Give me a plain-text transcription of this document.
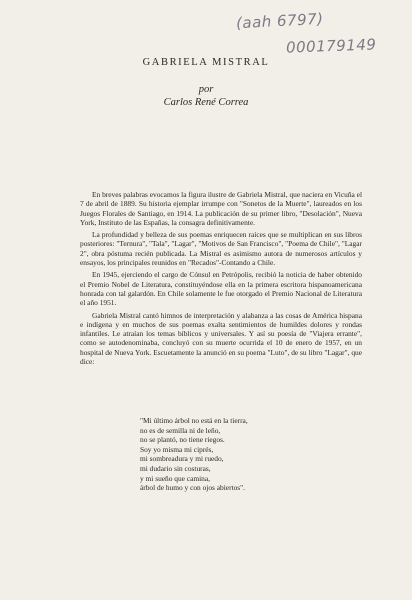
(aah 6797)
000179149
GABRIELA MISTRAL
por
Carlos René Correa

En breves palabras evocamos la figura ilustre de Gabriela Mistral, que naciera en Vicuña el 7 de abril de 1889. Su historia ejemplar irrumpe con "Sonetos de la Muerte", laureados en los Juegos Florales de Santiago, en 1914. La publicación de su primer libro, "Desolación", Nueva York, Instituto de las Españas, la consagra definitivamente.

La profundidad y belleza de sus poemas enriquecen raíces que se multiplican en sus libros posteriores: "Ternura", "Tala", "Lagar", "Motivos de San Francisco", "Poema de Chile", "Lagar 2", obra póstuma recién publicada. La Mistral es asimismo autora de numerosos artículos y ensayos, los principales reunidos en "Recados"-Contando a Chile.

En 1945, ejerciendo el cargo de Cónsul en Petrópolis, recibió la noticia de haber obtenido el Premio Nobel de Literatura, constituyéndose ella en la primera escritora hispanoamericana honrada con tal galardón. En Chile solamente le fue otorgado el Premio Nacional de Literatura el año 1951.

Gabriela Mistral cantó himnos de interpretación y alabanza a las cosas de América hispana e indígena y en muchos de sus poemas exalta sentimientos de humildes dolores y rondas infantiles. Le atraían los temas bíblicos y universales. Y así su poesía de "Viajera errante", como se autodenominaba, concluyó con su muerte ocurrida el 10 de enero de 1957, en un hospital de Nueva York. Escuetamente la anunció en su poema "Luto", de su libro "Lagar", que dice:

"Mi último árbol no está en la tierra,
no es de semilla ni de leño,
no se plantó, no tiene riegos.
Soy yo misma mi ciprés,
mi sombreadura y mi ruedo,
mi dudario sin costuras,
y mi sueño que camina,
árbol de humo y con ojos abiertos".
